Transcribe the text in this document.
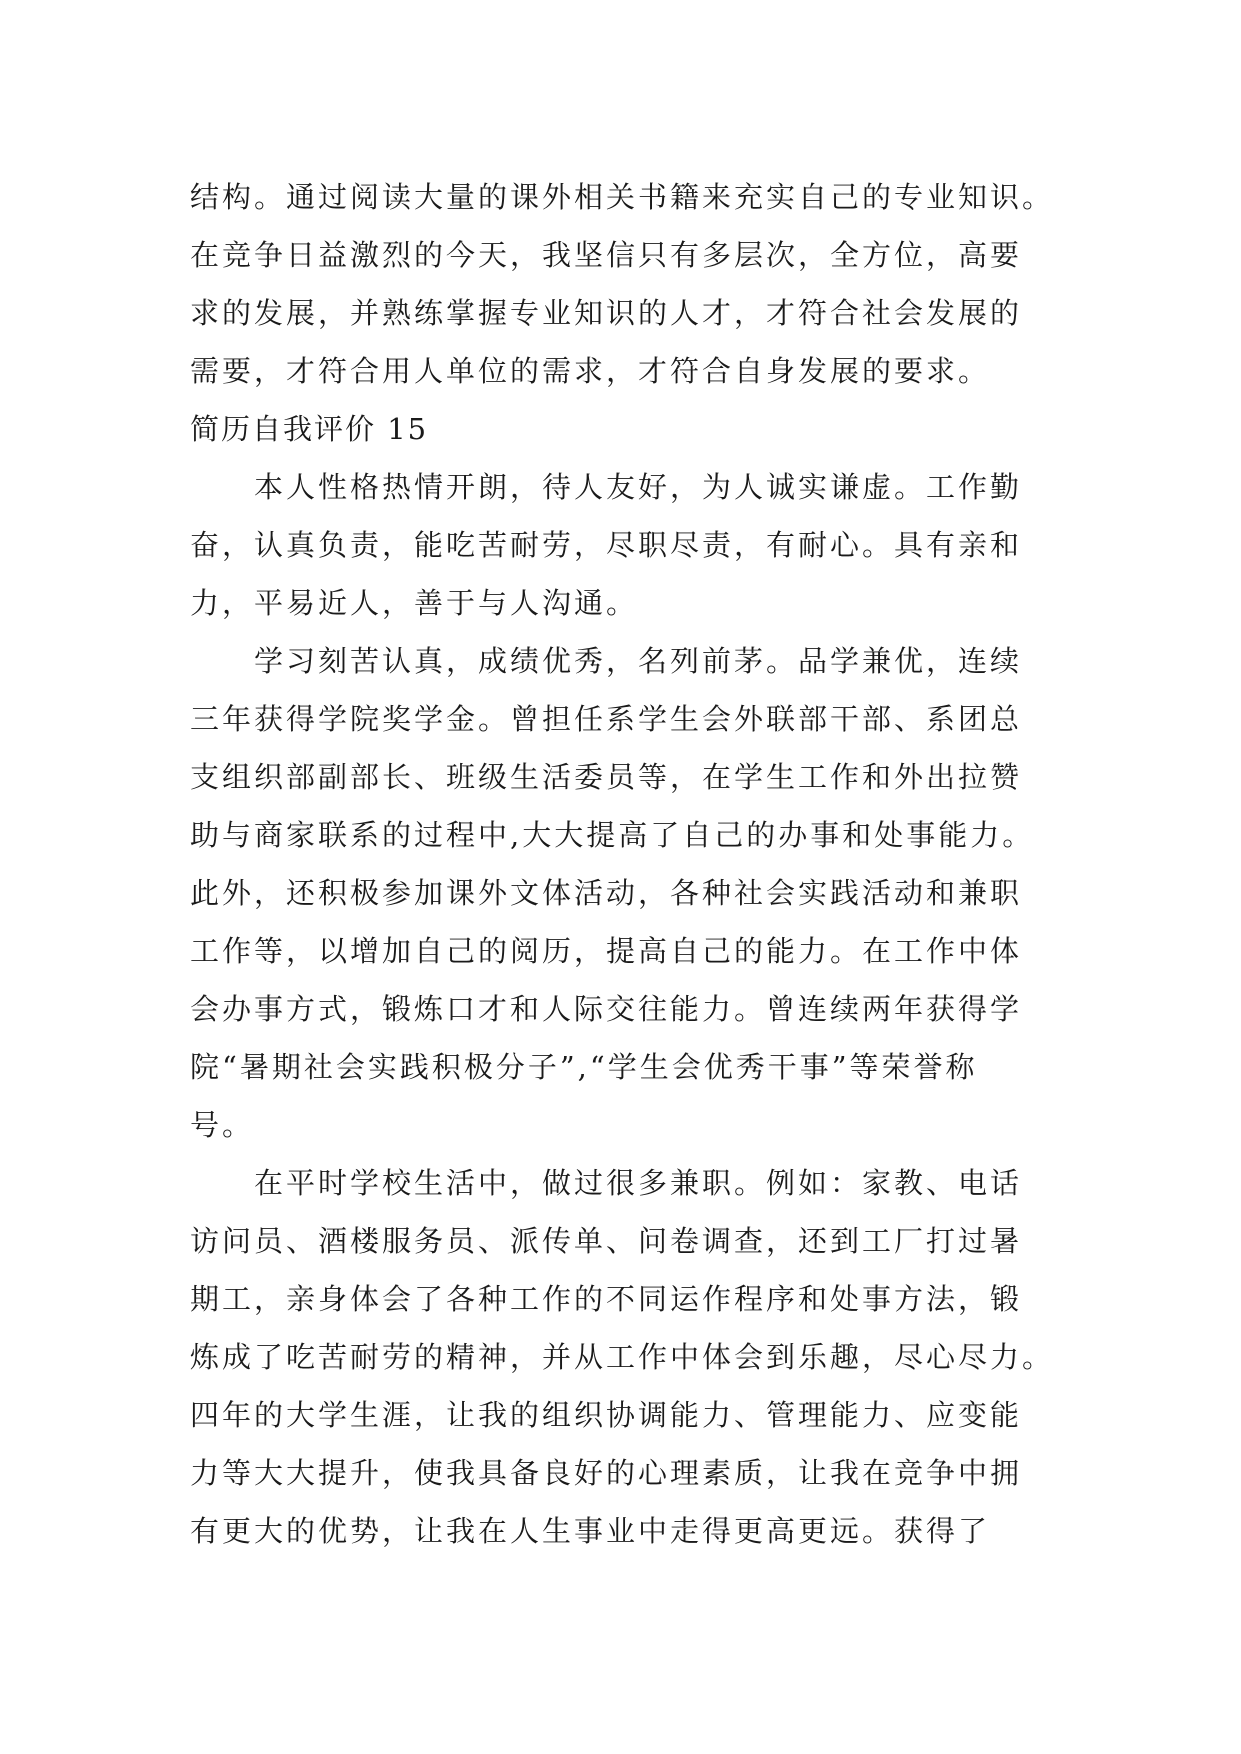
结构。通过阅读大量的课外相关书籍来充实自己的专业知识。
在竞争日益激烈的今天，我坚信只有多层次，全方位，高要
求的发展，并熟练掌握专业知识的人才，才符合社会发展的
需要，才符合用人单位的需求，才符合自身发展的要求。
简历自我评价 15
本人性格热情开朗，待人友好，为人诚实谦虚。工作勤
奋，认真负责，能吃苦耐劳，尽职尽责，有耐心。具有亲和
力，平易近人，善于与人沟通。
学习刻苦认真，成绩优秀，名列前茅。品学兼优，连续
三年获得学院奖学金。曾担任系学生会外联部干部、系团总
支组织部副部长、班级生活委员等，在学生工作和外出拉赞
助与商家联系的过程中,大大提高了自己的办事和处事能力。
此外，还积极参加课外文体活动，各种社会实践活动和兼职
工作等，以增加自己的阅历，提高自己的能力。在工作中体
会办事方式，锻炼口才和人际交往能力。曾连续两年获得学
院“暑期社会实践积极分子”,“学生会优秀干事”等荣誉称
号。
在平时学校生活中，做过很多兼职。例如：家教、电话
访问员、酒楼服务员、派传单、问卷调查，还到工厂打过暑
期工，亲身体会了各种工作的不同运作程序和处事方法，锻
炼成了吃苦耐劳的精神，并从工作中体会到乐趣，尽心尽力。
四年的大学生涯，让我的组织协调能力、管理能力、应变能
力等大大提升，使我具备良好的心理素质，让我在竞争中拥
有更大的优势，让我在人生事业中走得更高更远。获得了
